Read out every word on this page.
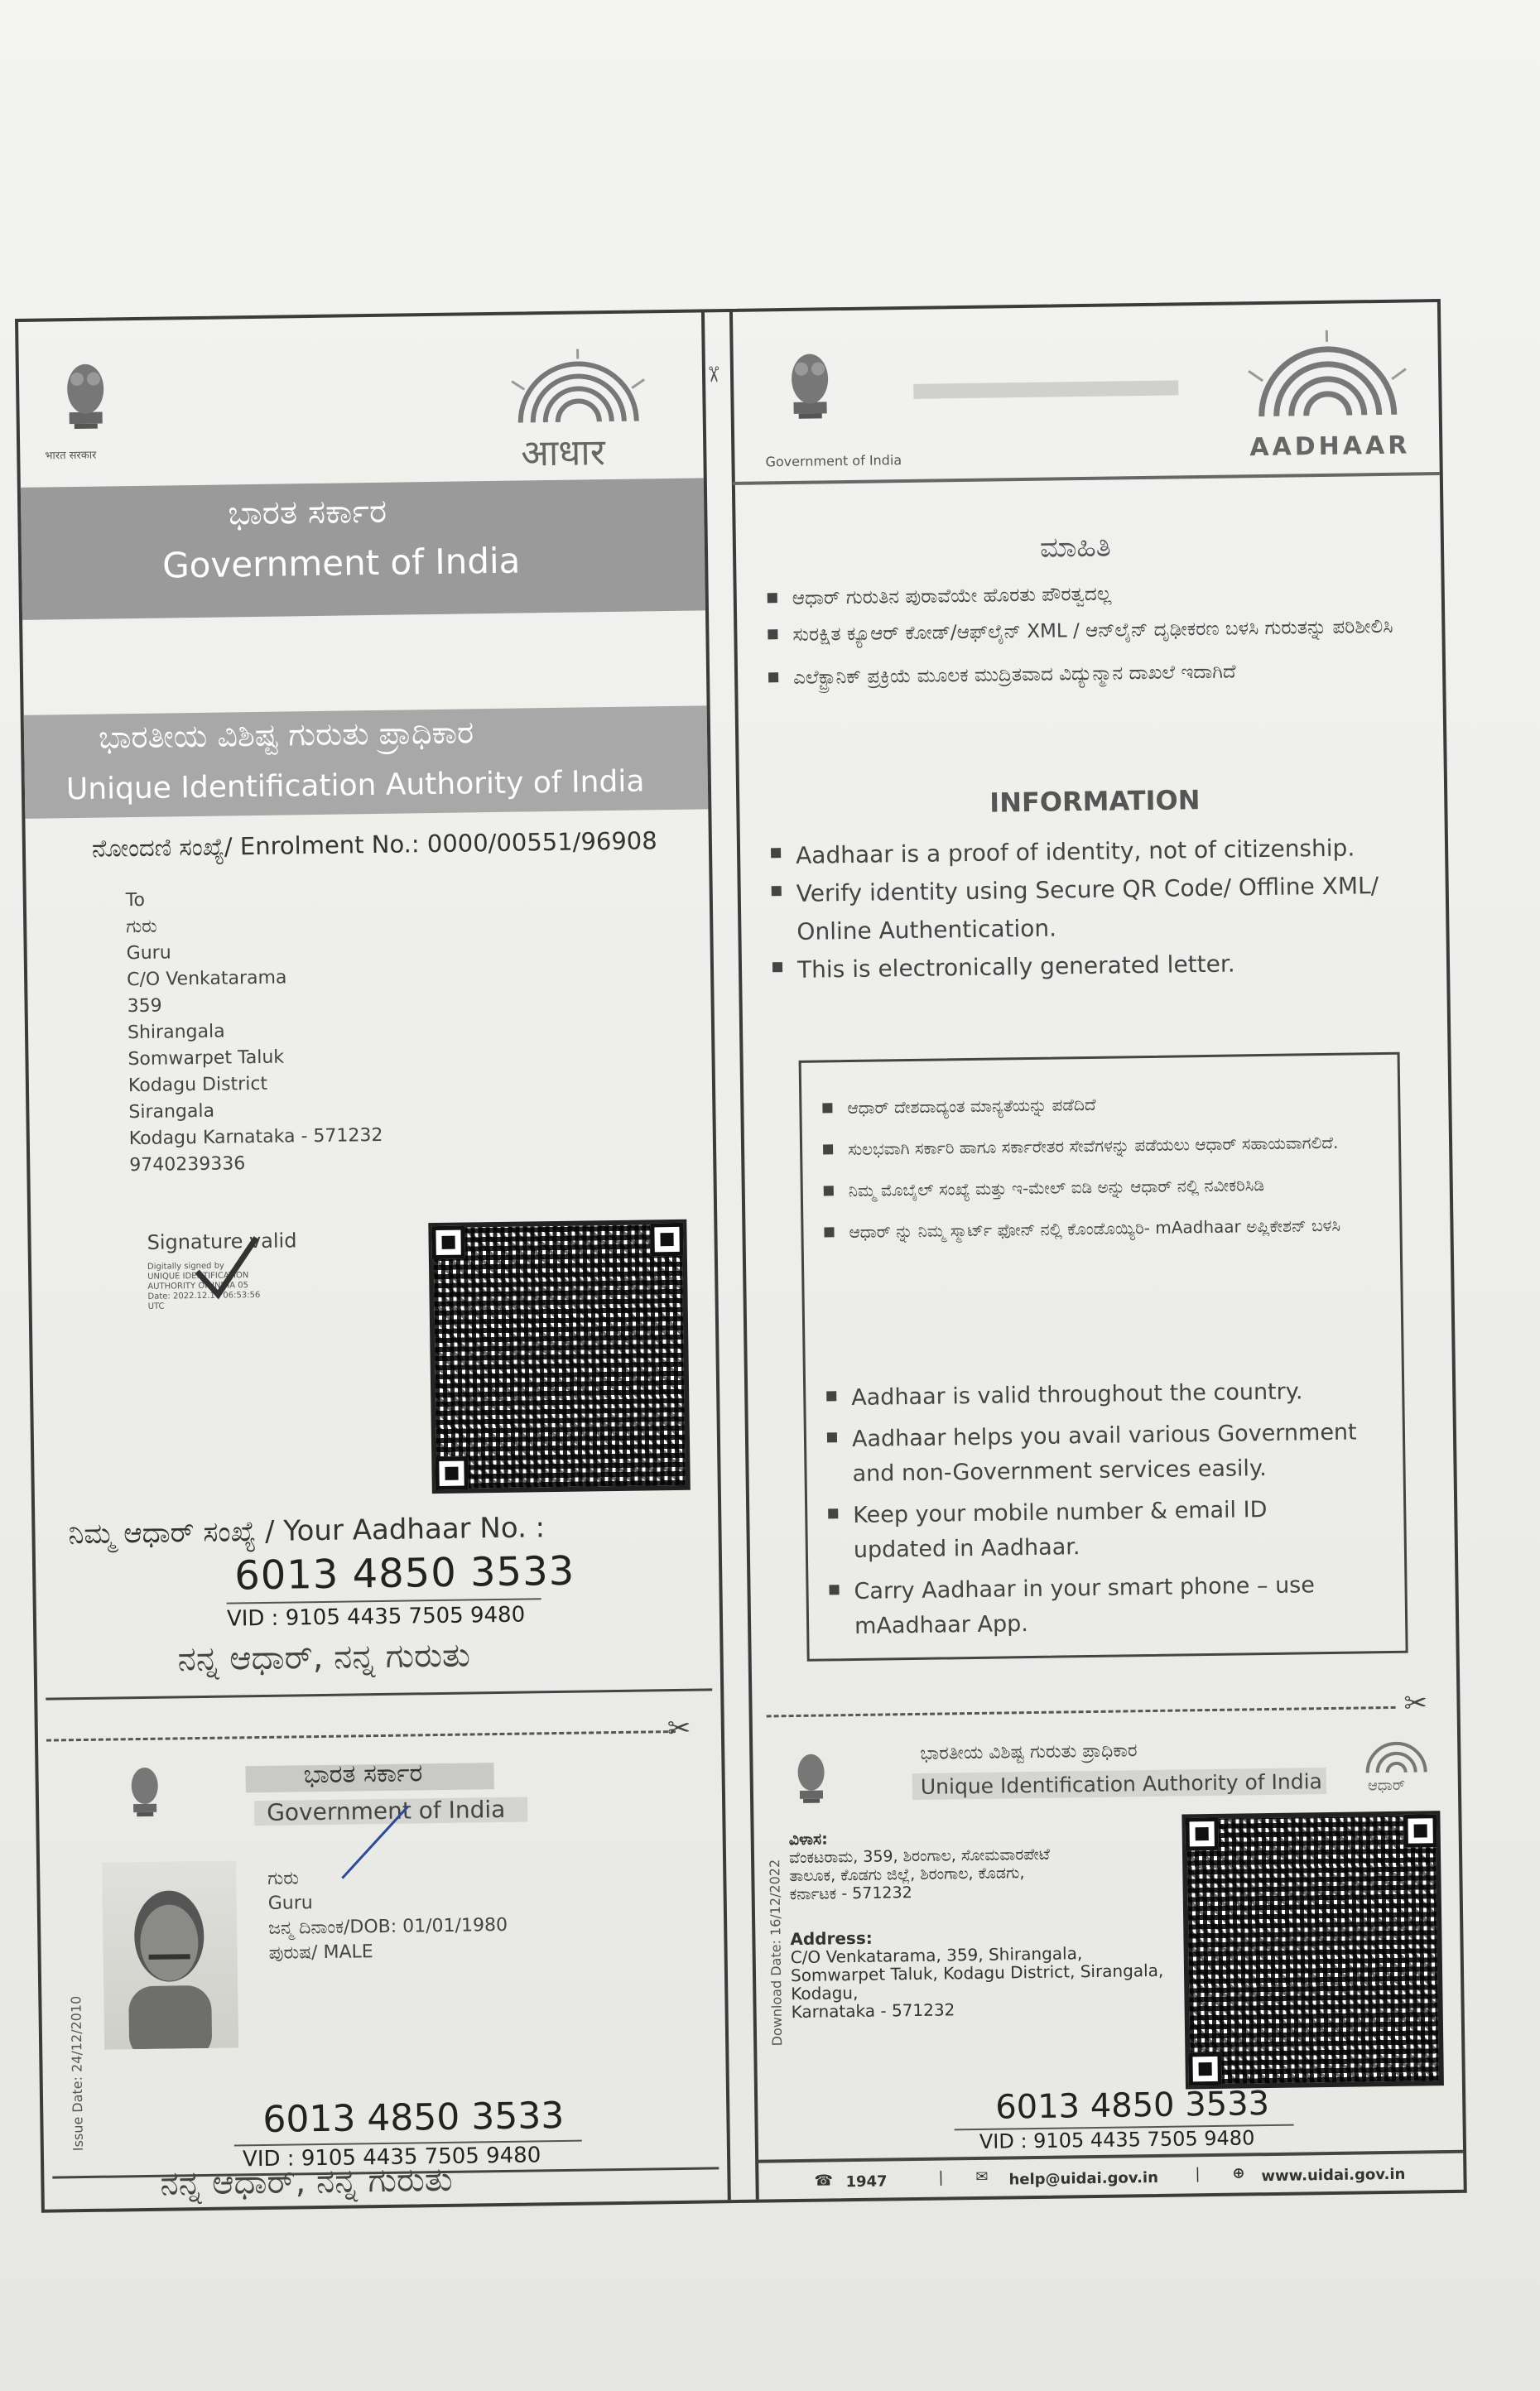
भारत सरकार	आधार
ಭಾರತ ಸರ್ಕಾರ
Government of India
ಭಾರತೀಯ ವಿಶಿಷ್ಟ ಗುರುತು ಪ್ರಾಧಿಕಾರ
Unique Identification Authority of India
ನೋಂದಣಿ ಸಂಖ್ಯೆ/ Enrolment No.: 0000/00551/96908
To
ಗುರು
Guru
C/O Venkatarama
359
Shirangala
Somwarpet Taluk
Kodagu District
Sirangala
Kodagu Karnataka - 571232
9740239336
Signature valid
Digitally signed by
UNIQUE IDENTIFICATION
AUTHORITY OF INDIA 05
Date: 2022.12.16 06:53:56
UTC
ನಿಮ್ಮ ಆಧಾರ್ ಸಂಖ್ಯೆ / Your Aadhaar No. :
6013 4850 3533
VID : 9105 4435 7505 9480
ನನ್ನ ಆಧಾರ್, ನನ್ನ ಗುರುತು
✂
ಭಾರತ ಸರ್ಕಾರ
Government of India
Issue Date: 24/12/2010
ಗುರು
Guru
ಜನ್ಮ ದಿನಾಂಕ/DOB: 01/01/1980
ಪುರುಷ/ MALE
6013 4850 3533
VID : 9105 4435 7505 9480
ನನ್ನ ಆಧಾರ್, ನನ್ನ ಗುರುತು
✂
Government of India	AADHAAR
ಮಾಹಿತಿ
ಆಧಾರ್ ಗುರುತಿನ ಪುರಾವೆಯೇ ಹೊರತು ಪೌರತ್ವದಲ್ಲ
ಸುರಕ್ಷಿತ ಕ್ಯೂಆರ್ ಕೋಡ್/ಆಫ್‌ಲೈನ್ XML / ಆನ್‌ಲೈನ್ ದೃಢೀಕರಣ ಬಳಸಿ ಗುರುತನ್ನು ಪರಿಶೀಲಿಸಿ
ಎಲೆಕ್ಟ್ರಾನಿಕ್ ಪ್ರಕ್ರಿಯೆ ಮೂಲಕ ಮುದ್ರಿತವಾದ ವಿದ್ಯುನ್ಮಾನ ದಾಖಲೆ ಇದಾಗಿದೆ
INFORMATION
Aadhaar is a proof of identity, not of citizenship.
Verify identity using Secure QR Code/ Offline XML/ Online Authentication.
This is electronically generated letter.
ಆಧಾರ್ ದೇಶದಾದ್ಯಂತ ಮಾನ್ಯತೆಯನ್ನು ಪಡೆದಿದೆ
ಸುಲಭವಾಗಿ ಸರ್ಕಾರಿ ಹಾಗೂ ಸರ್ಕಾರೇತರ ಸೇವೆಗಳನ್ನು ಪಡೆಯಲು ಆಧಾರ್ ಸಹಾಯವಾಗಲಿದೆ.
ನಿಮ್ಮ ಮೊಬೈಲ್ ಸಂಖ್ಯೆ ಮತ್ತು ಇ-ಮೇಲ್ ಐಡಿ ಅನ್ನು ಆಧಾರ್ ನಲ್ಲಿ ನವೀಕರಿಸಿಡಿ
ಆಧಾರ್ ನ್ನು ನಿಮ್ಮ ಸ್ಮಾರ್ಟ್ ಫೋನ್ ನಲ್ಲಿ ಕೊಂಡೊಯ್ಯಿರಿ- mAadhaar ಅಪ್ಲಿಕೇಶನ್ ಬಳಸಿ
Aadhaar is valid throughout the country.
Aadhaar helps you avail various Government and non-Government services easily.
Keep your mobile number & email ID updated in Aadhaar.
Carry Aadhaar in your smart phone – use mAadhaar App.
✂
ಭಾರತೀಯ ವಿಶಿಷ್ಟ ಗುರುತು ಪ್ರಾಧಿಕಾರ
Unique Identification Authority of India	ಆಧಾರ್
Download Date: 16/12/2022
ವಿಳಾಸ:
ವೆಂಕಟರಾಮ, 359, ಶಿರಂಗಾಲ, ಸೋಮವಾರಪೇಟೆ
ತಾಲೂಕ, ಕೊಡಗು ಜಿಲ್ಲೆ, ಶಿರಂಗಾಲ, ಕೊಡಗು,
ಕರ್ನಾಟಕ - 571232
Address:
C/O Venkatarama, 359, Shirangala,
Somwarpet Taluk, Kodagu District, Sirangala,
Kodagu,
Karnataka - 571232
6013 4850 3533
VID : 9105 4435 7505 9480
☎ 1947	| ✉ help@uidai.gov.in | ⊕ www.uidai.gov.in
